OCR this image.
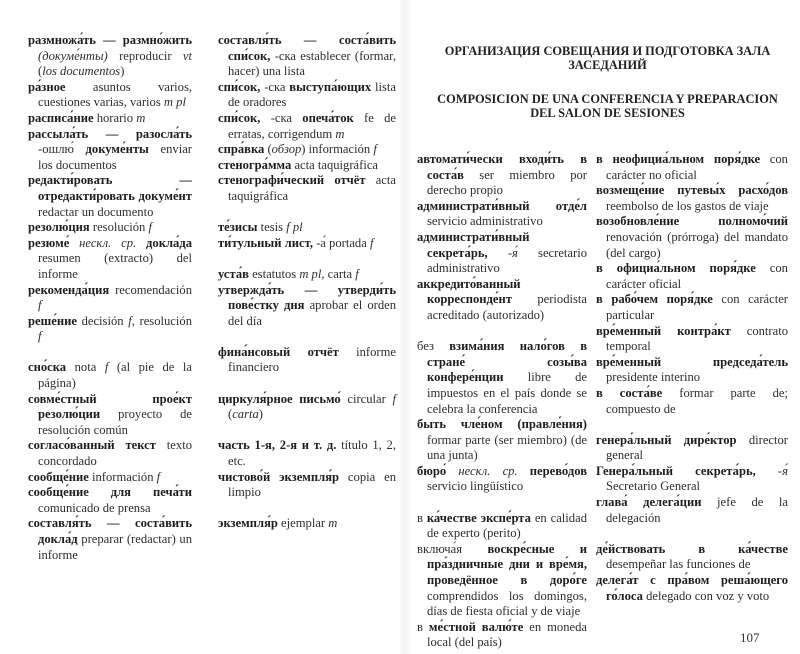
размножа́ть — размно́жить (докуме́нты) reproducir vt (los documentos)
ра́зное asuntos varios, cuestiones varias, varios m pl
расписа́ние horario m
рассыла́ть — разосла́ть -ошлю́ докуме́нты enviar los documentos
редакти́ровать — отредакти́ровать докуме́нт redactar un documento
резолю́ция resolución f
резюме́ нескл. ср. докла́да resumen (extracto) del informe
рекоменда́ция recomendación f
реше́ние decisión f, resolución f
сно́ска nota f (al pie de la página)
совме́стный прое́кт резолю́ции proyecto de resolución común
согласо́ванный текст texto concordado
сообще́ние información f
сообще́ние для печа́ти comunicado de prensa
составля́ть — соста́вить докла́д preparar (redactar) un informe
составля́ть — соста́вить спи́сок, -ска establecer (formar, hacer) una lista
спи́сок, -ска выступа́ющих lista de oradores
спи́сок, -ска опеча́ток fe de erratas, corrigendum m
спра́вка (обзор) información f
стеногра́мма acta taquigráfica
стенографи́ческий отчёт acta taquigráfica
те́зисы tesis f pl
ти́тульный лист, -а́ portada f
уста́в estatutos m pl, carta f
утвержда́ть — утверди́ть пове́стку дня aprobar el orden del día
фина́нсовый отчёт informe financiero
циркуля́рное письмо́ circular f (carta)
часть 1-я, 2-я и т. д. título 1, 2, etc.
чистово́й экземпля́р copia en limpio
экземпля́р ejemplar m
ОРГАНИЗАЦИЯ СОВЕЩАНИЯ И ПОДГОТОВКА ЗАЛА ЗАСЕДАНИЙ
COMPOSICION DE UNA CONFERENCIA Y PREPARACION DEL SALON DE SESIONES
автомати́чески входи́ть в соста́в ser miembro por derecho propio
администрати́вный отде́л servicio administrativo
администрати́вный секрета́рь, -я́ secretario administrativo
аккредито́ванный корреспонде́нт periodista acreditado (autorizado)
без взима́ния нало́гов в стране́ созы́ва конфере́нции libre de impuestos en el país donde se celebra la conferencia
быть чле́ном (правле́ния) formar parte (ser miembro) (de una junta)
бюро́ нескл. ср. перево́дов servicio lingüístico
в ка́честве экспе́рта en calidad de experto (perito)
включа́я воскре́сные и пра́здничные дни и вре́мя, проведённое в доро́ге comprendidos los domingos, días de fiesta oficial y de viaje
в ме́стной валю́те en moneda local (del país)
в неофициа́льном поря́дке con carácter no oficial
возмеще́ние путевы́х расхо́дов reembolso de los gastos de viaje
возобновле́ние полномо́чий renovación (prórroga) del mandato (del cargo)
в официа́льном поря́дке con carácter oficial
в рабо́чем поря́дке con carácter particular
вре́менный контра́кт contrato temporal
вре́менный председа́тель presidente interino
в соста́ве formar parte de; compuesto de
генера́льный дире́ктор director general
Генера́льный секрета́рь, -я́ Secretario General
глава́ делега́ции jefe de la delegación
де́йствовать в ка́честве desempeñar las funciones de
делега́т с пра́вом реша́ющего го́лоса delegado con voz y voto
107
